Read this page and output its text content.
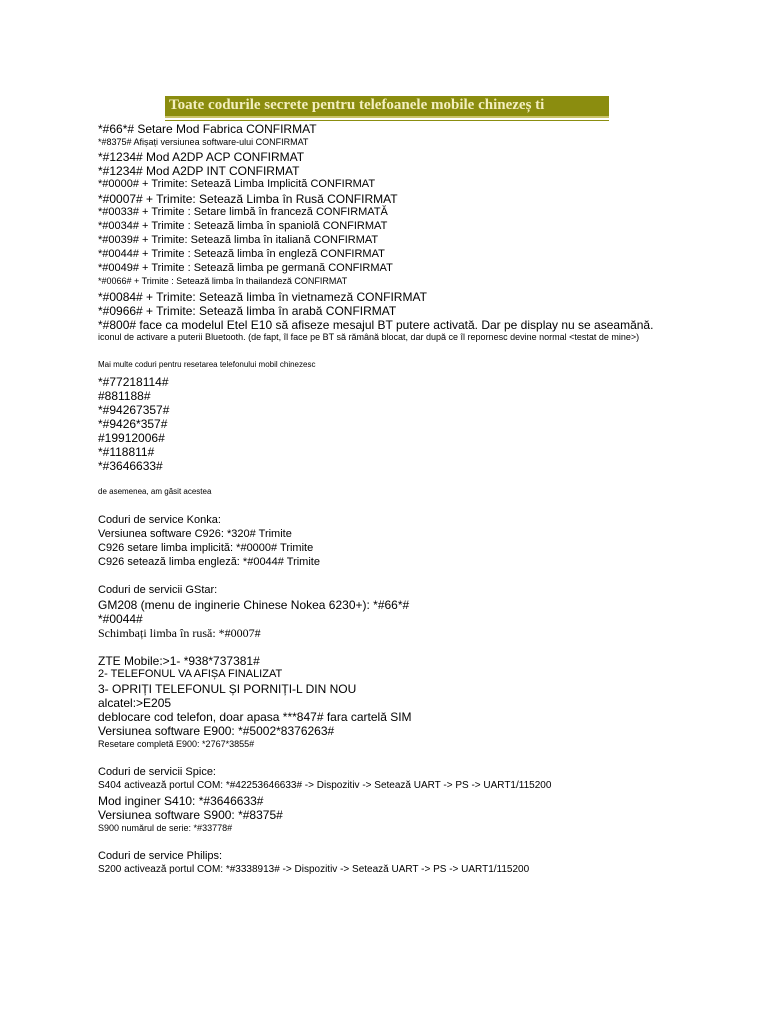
Toate codurile secrete pentru telefoanele mobile chinezeș ti
*#66*# Setare Mod Fabrica CONFIRMAT
*#8375# Afișați versiunea software-ului CONFIRMAT
*#1234# Mod A2DP ACP CONFIRMAT
*#1234# Mod A2DP INT CONFIRMAT
*#0000# + Trimite: Setează Limba Implicită CONFIRMAT
*#0007# + Trimite: Setează Limba în Rusă CONFIRMAT
*#0033# + Trimite : Setare limbă în franceză CONFIRMATĂ
*#0034# + Trimite : Setează limba în spaniolă CONFIRMAT
*#0039# + Trimite: Setează limba în italiană CONFIRMAT
*#0044# + Trimite : Setează limba în engleză CONFIRMAT
*#0049# + Trimite : Setează limba pe germană CONFIRMAT
*#0066# + Trimite : Setează limba în thailandeză CONFIRMAT
*#0084# + Trimite: Setează limba în vietnameză CONFIRMAT
*#0966# + Trimite: Setează limba în arabă CONFIRMAT
*#800# face ca modelul Etel E10 să afiseze mesajul BT putere activată. Dar pe display nu se aseamănă.
iconul de activare a puterii Bluetooth. (de fapt, îl face pe BT să rămână blocat, dar după ce îl repornesc devine normal <testat de mine>)
Mai multe coduri pentru resetarea telefonului mobil chinezesc
*#77218114#
#881188#
*#94267357#
*#9426*357#
#19912006#
*#118811#
*#3646633#
de asemenea, am găsit acestea
Coduri de service Konka:
Versiunea software C926: *320# Trimite
C926 setare limba implicită: *#0000# Trimite
C926 setează limba engleză: *#0044# Trimite
Coduri de servicii GStar:
GM208 (menu de inginerie Chinese Nokea 6230+): *#66*#
*#0044#
Schimbați limba în rusă: *#0007#
ZTE Mobile:>1- *938*737381#
2- TELEFONUL VA AFIȘA FINALIZAT
3- OPRIȚI TELEFONUL ȘI PORNIȚI-L DIN NOU
alcatel:>E205
deblocare cod telefon, doar apasa ***847# fara cartelă SIM
Versiunea software E900: *#5002*8376263#
Resetare completă E900: *2767*3855#
Coduri de servicii Spice:
S404 activează portul COM: *#42253646633# -> Dispozitiv -> Setează UART -> PS -> UART1/115200
Mod inginer S410: *#3646633#
Versiunea software S900: *#8375#
S900 numărul de serie: *#33778#
Coduri de service Philips:
S200 activează portul COM: *#3338913# -> Dispozitiv -> Setează UART -> PS -> UART1/115200
